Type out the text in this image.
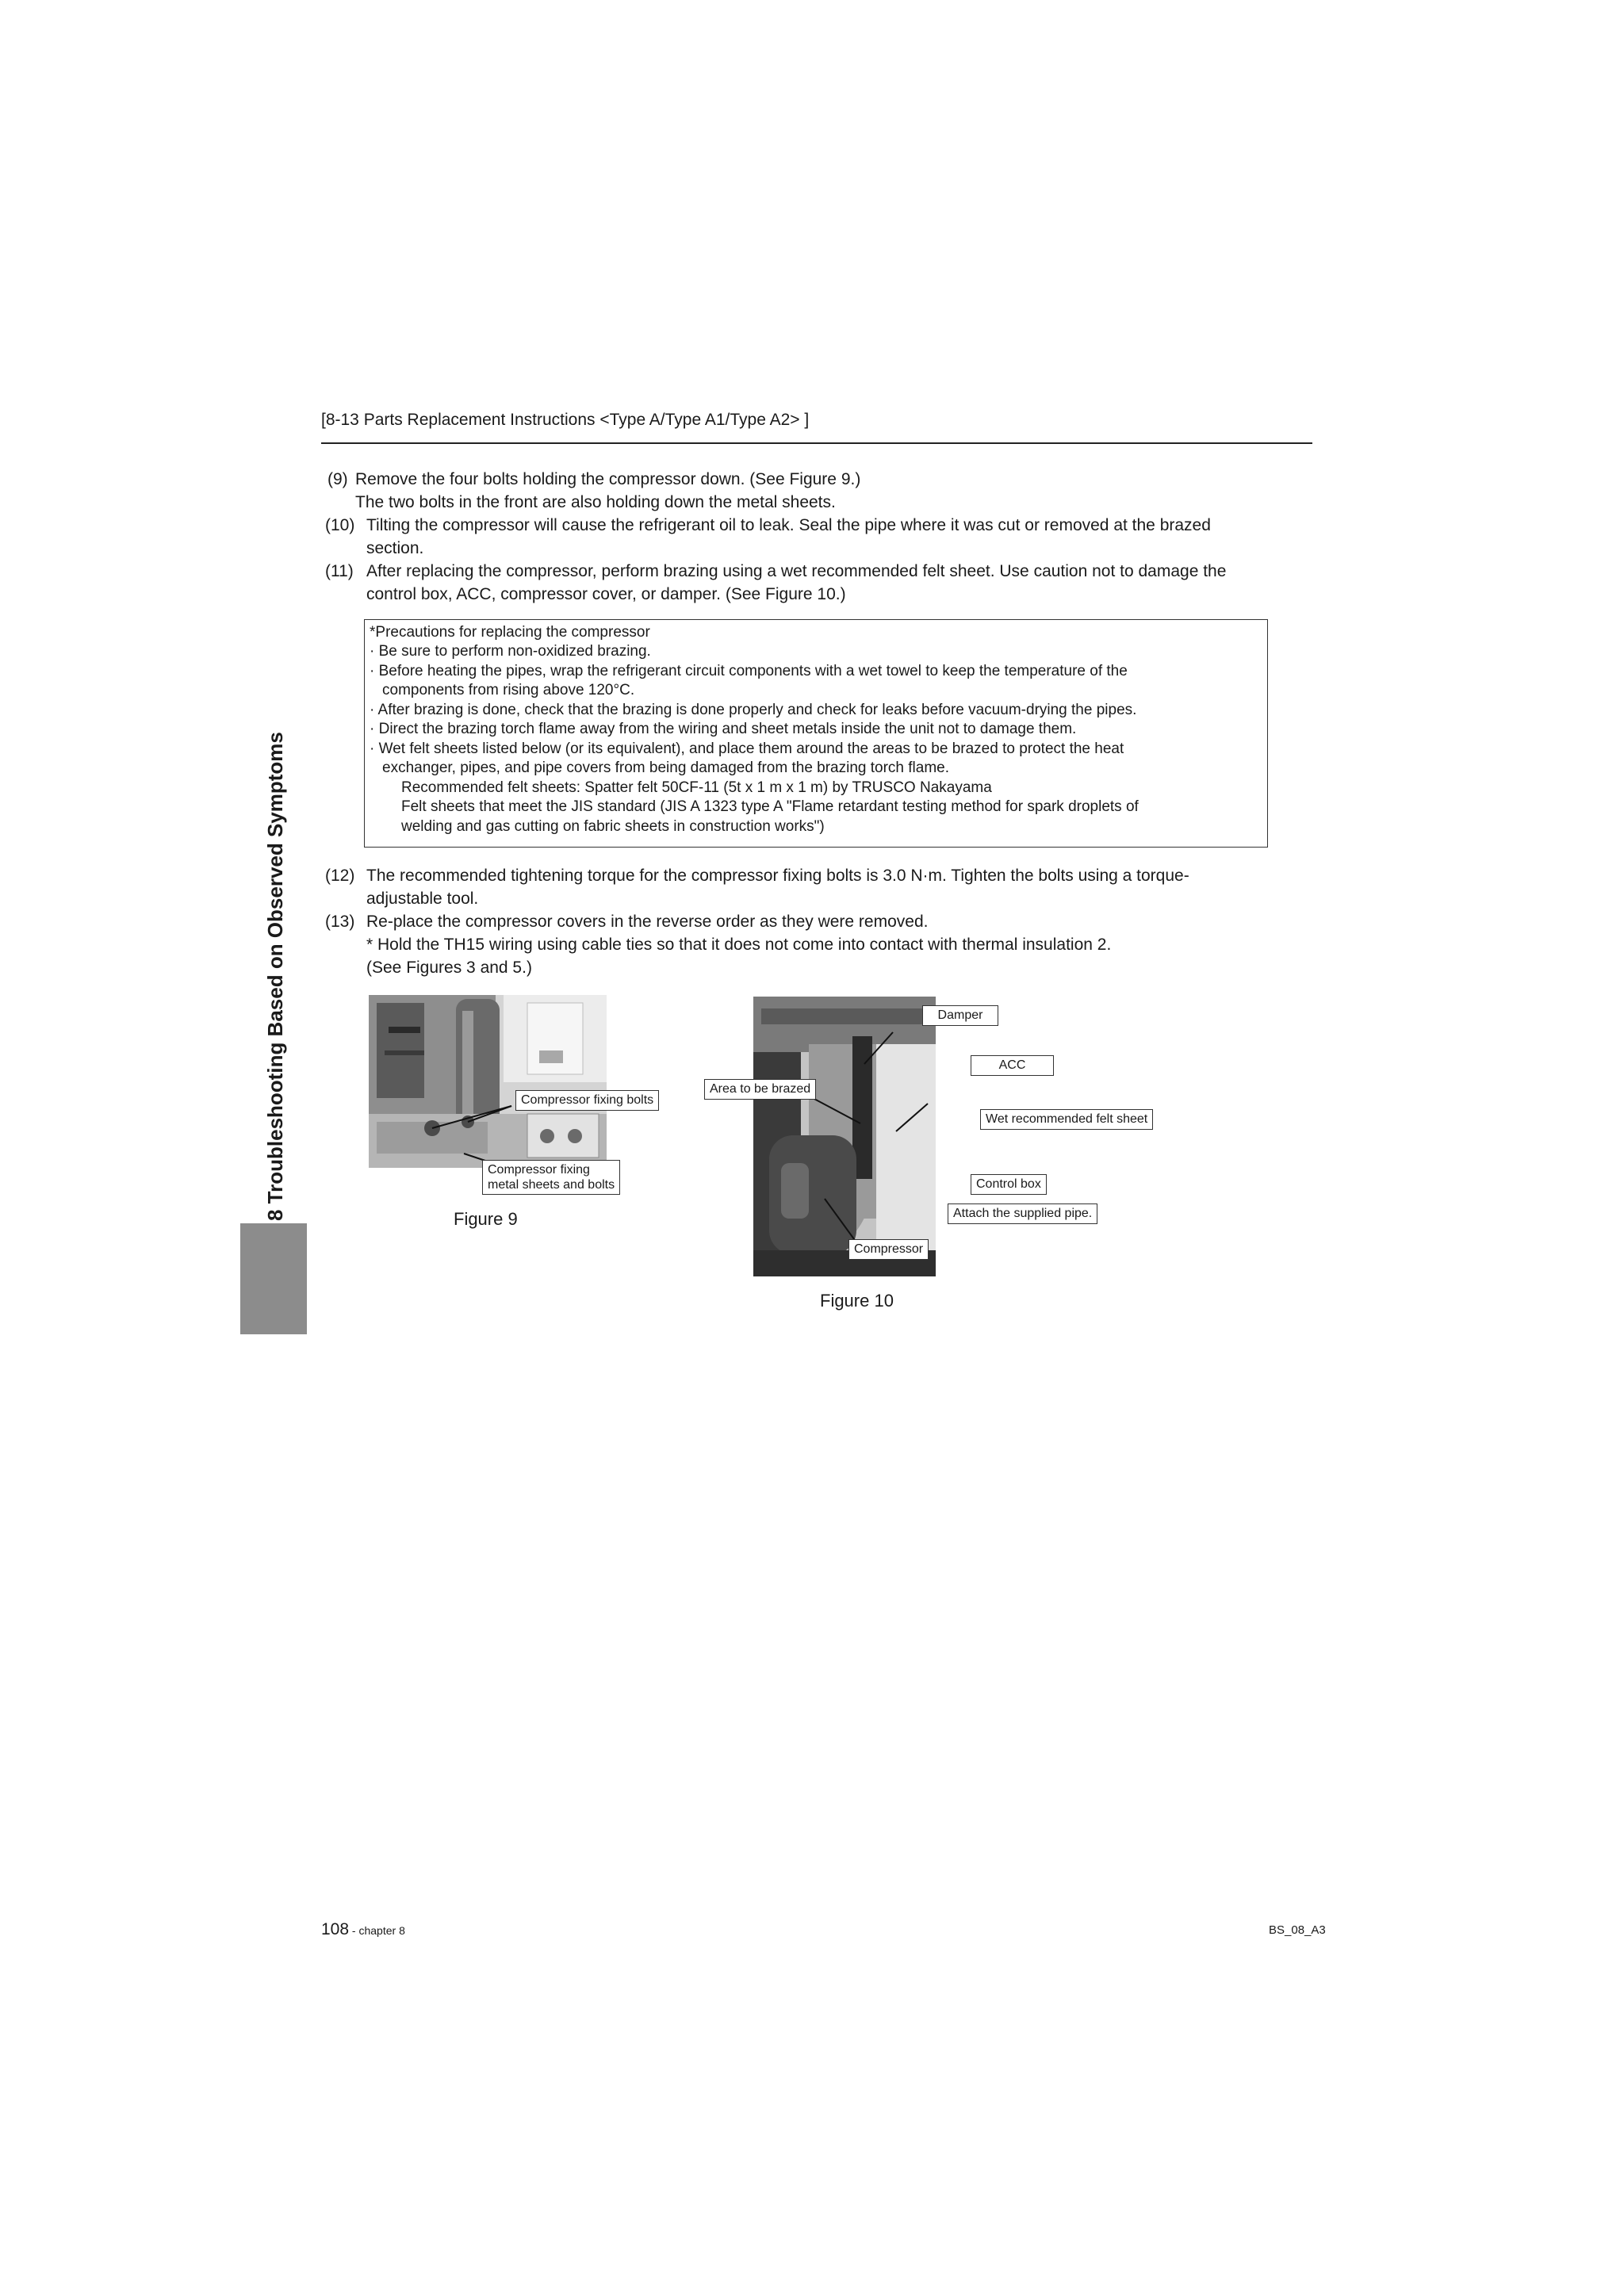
[8-13 Parts Replacement Instructions <Type A/Type A1/Type A2> ]
8 Troubleshooting Based on Observed Symptoms
(9) Remove the four bolts holding the compressor down. (See Figure 9.)
The two bolts in the front are also holding down the metal sheets.
(10) Tilting the compressor will cause the refrigerant oil to leak. Seal the pipe where it was cut or removed at the brazed
section.
(11) After replacing the compressor, perform brazing using a wet recommended felt sheet. Use caution not to damage the
control box, ACC, compressor cover, or damper. (See Figure 10.)
*Precautions for replacing the compressor
· Be sure to perform non-oxidized brazing.
· Before heating the pipes, wrap the refrigerant circuit components with a wet towel to keep the temperature of the
components from rising above 120°C.
· After brazing is done, check that the brazing is done properly and check for leaks before vacuum-drying the pipes.
· Direct the brazing torch flame away from the wiring and sheet metals inside the unit not to damage them.
· Wet felt sheets listed below (or its equivalent), and place them around the areas to be brazed to protect the heat
exchanger, pipes, and pipe covers from being damaged from the brazing torch flame.
Recommended felt sheets: Spatter felt 50CF-11 (5t x 1 m x 1 m) by TRUSCO Nakayama
Felt sheets that meet the JIS standard (JIS A 1323 type A "Flame retardant testing method for spark droplets of
welding and gas cutting on fabric sheets in construction works")
(12) The recommended tightening torque for the compressor fixing bolts is 3.0 N·m. Tighten the bolts using a torque-
adjustable tool.
(13) Re-place the compressor covers in the reverse order as they were removed.
* Hold the TH15 wiring using cable ties so that it does not come into contact with thermal insulation 2.
(See Figures 3 and 5.)
Compressor fixing bolts
Compressor fixing
metal sheets and bolts
Figure 9
Damper
ACC
Area to be brazed
Wet recommended felt sheet
Control box
Attach the supplied pipe.
Compressor
Figure 10
108 - chapter 8	BS_08_A3
